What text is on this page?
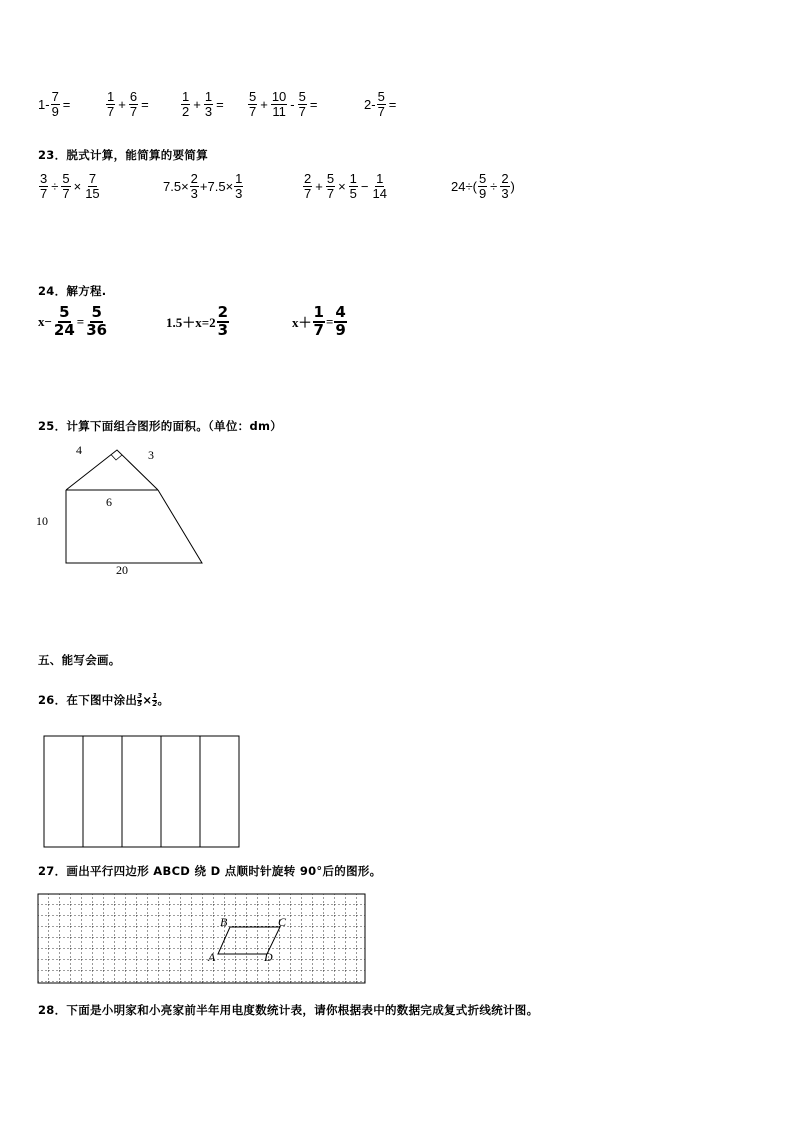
$1- \frac{7}{9}$ =	$\frac{1}{7} + \frac{6}{7} = \frac{1}{2} + \frac{1}{3} = \frac{5}{7} + \frac{10}{11} - \frac{5}{7}$ =	$2- \frac{5}{7}$ =
23．脱式计算，能简算的要简算
$\frac{3}{7} \div \frac{5}{7} \times \frac{7}{15}$	$7.5\times \frac{2}{3} +7.5\times \frac{1}{3}$	$\frac{2}{7} + \frac{5}{7} \times \frac{1}{5} - \frac{1}{14}$	$24\div( \frac{5}{9} \div \frac{2}{3}$ )
24．解方程.
$x- \frac{5}{24} = \frac{5}{36}$	$1.5+x=2 \frac{2}{3}$	$x+ \frac{1}{7} = \frac{4}{9}$
25．计算下面组合图形的面积。（单位：dm）
4	3
6
10
20
五、能写会画。
26．在下图中涂出 $\frac{3}{5} \times \frac{1}{2}$ 。
27．画出平行四边形 ABCD 绕 D 点顺时针旋转 90°后的图形。
B	C
A	D
28．下面是小明家和小亮家前半年用电度数统计表，请你根据表中的数据完成复式折线统计图。
